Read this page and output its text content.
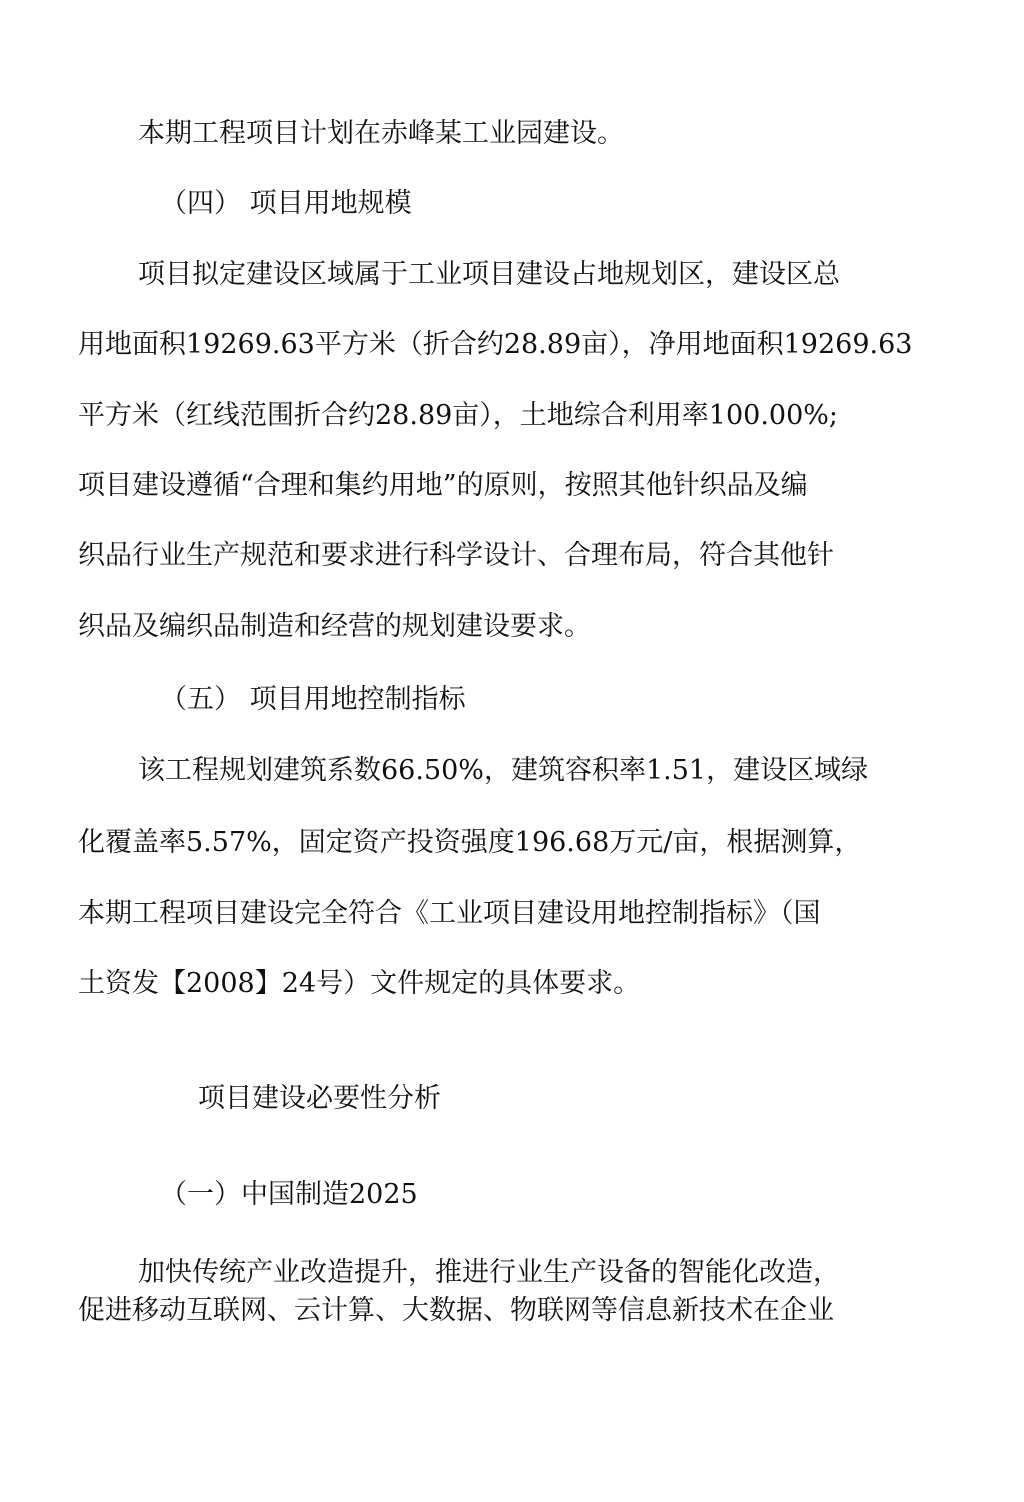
本期工程项目计划在赤峰某工业园建设。
（四） 项目用地规模
项目拟定建设区域属于工业项目建设占地规划区，建设区总
用地面积19269.63平方米（折合约28.89亩），净用地面积19269.63
平方米（红线范围折合约28.89亩），土地综合利用率100.00%;
项目建设遵循“合理和集约用地”的原则，按照其他针织品及编
织品行业生产规范和要求进行科学设计、合理布局，符合其他针
织品及编织品制造和经营的规划建设要求。
（五） 项目用地控制指标
该工程规划建筑系数66.50%，建筑容积率1.51，建设区域绿
化覆盖率5.57%，固定资产投资强度196.68万元/亩，根据测算，
本期工程项目建设完全符合《工业项目建设用地控制指标》（国
土资发【2008】24号）文件规定的具体要求。
项目建设必要性分析
（一）中国制造2025
加快传统产业改造提升，推进行业生产设备的智能化改造，
促进移动互联网、云计算、大数据、物联网等信息新技术在企业
